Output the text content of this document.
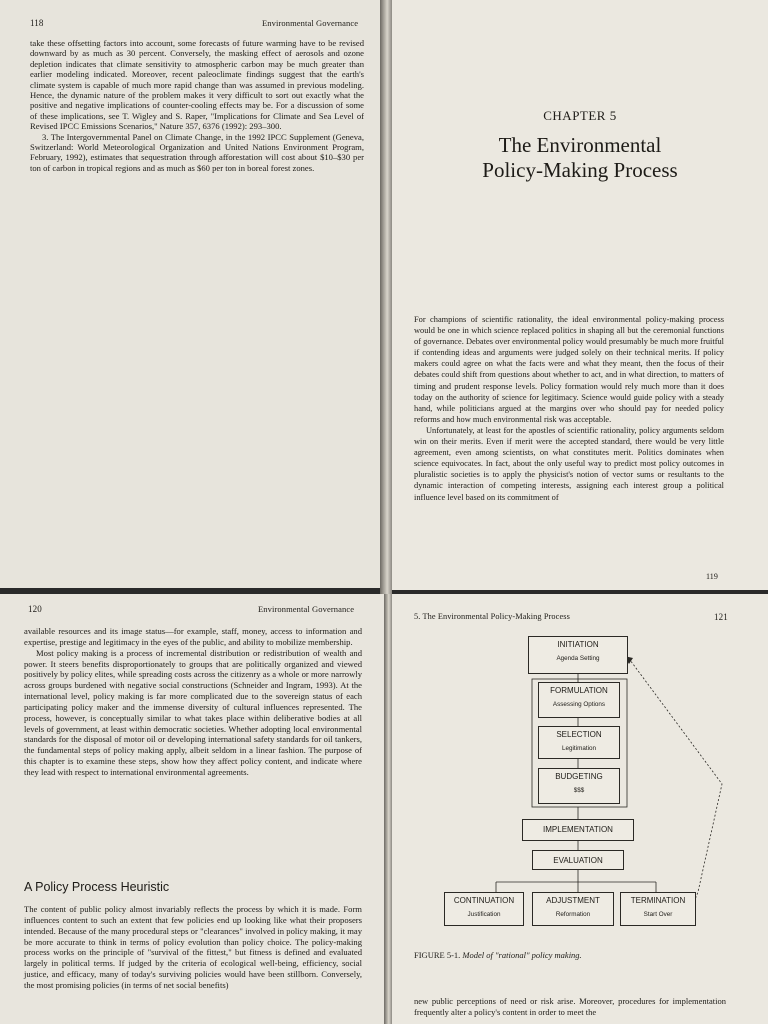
118	Environmental Governance

take these offsetting factors into account, some forecasts of future warming have to be revised downward by as much as 30 percent. Conversely, the masking effect of aerosols and ozone depletion indicates that climate sensitivity to atmospheric carbon may be much greater than earlier modeling indicated. Moreover, recent paleoclimate findings suggest that the earth's climate system is capable of much more rapid change than was assumed in previous modeling. Hence, the dynamic nature of the problem makes it very difficult to sort out exactly what the positive and negative implications of counter-cooling effects may be. For a discussion of some of these implications, see T. Wigley and S. Raper, "Implications for Climate and Sea Level of Revised IPCC Emissions Scenarios," Nature 357, 6376 (1992): 293–300.

3. The Intergovernmental Panel on Climate Change, in the 1992 IPCC Supplement (Geneva, Switzerland: World Meteorological Organization and United Nations Environment Program, February, 1992), estimates that sequestration through afforestation will cost about $10–$30 per ton of carbon in tropical regions and as much as $60 per ton in boreal forest zones.

CHAPTER 5
The Environmental
Policy-Making Process

For champions of scientific rationality, the ideal environmental policy-making process would be one in which science replaced politics in shaping all but the ceremonial functions of governance. Debates over environmental policy would presumably be much more fruitful if contending ideas and arguments were judged solely on their technical merits. If policy makers could agree on what the facts were and what they meant, then the focus of their debates could shift from questions about whether to act, and in what direction, to matters of timing and prudent response levels. Policy formation would rely much more than it does today on the authority of science for legitimacy. Science would guide policy with a steady hand, while politicians argued at the margins over who should pay for needed policy reforms and how much environmental risk was acceptable.

Unfortunately, at least for the apostles of scientific rationality, policy arguments seldom win on their merits. Even if merit were the accepted standard, there would be very little agreement, even among scientists, on what constitutes merit. Politics dominates when science equivocates. In fact, about the only useful way to predict most policy outcomes in pluralistic societies is to apply the physicist's notion of vector sums or resultants to the dynamic interaction of competing interests, assigning each interest group a political influence level based on its commitment of

119
120	Environmental Governance

available resources and its image status—for example, staff, money, access to information and expertise, prestige and legitimacy in the eyes of the public, and ability to mobilize membership.

Most policy making is a process of incremental distribution or redistribution of wealth and power. It steers benefits disproportionately to groups that are politically organized and viewed positively by policy elites, while spreading costs across the citizenry as a whole or more narrowly across groups burdened with negative social constructions (Schneider and Ingram, 1993). At the international level, policy making is far more complicated due to the sovereign status of each participating policy maker and the immense diversity of cultural influences represented. The process, however, is conceptually similar to what takes place within deliberative bodies at all levels of government, at least within democratic societies. Whether adopting local environmental standards for the disposal of motor oil or developing international safety standards for oil tankers, the fundamental steps of policy making apply, albeit seldom in a linear fashion. The purpose of this chapter is to examine these steps, show how they affect policy content, and indicate where they lead with respect to international environmental agreements.

A Policy Process Heuristic

The content of public policy almost invariably reflects the process by which it is made. Form influences content to such an extent that few policies end up looking like what their proposers intended. Because of the many procedural steps or "clearances" involved in policy making, it may be more accurate to think in terms of policy evolution than policy choice. The policy-making process works on the principle of "survival of the fittest," but fitness is defined and evaluated largely in political terms. If judged by the criteria of ecological well-being, efficiency, social justice, and efficacy, many of today's surviving policies would have been stillborn. Conversely, the most promising policies (in terms of net social benefits)

5. The Environmental Policy-Making Process	121
INITIATION
Agenda Setting
FORMULATION
Assessing Options
SELECTION
Legitimation
BUDGETING
$$$
IMPLEMENTATION
EVALUATION
CONTINUATION
Justification
ADJUSTMENT
Reformation
TERMINATION
Start Over
FIGURE 5-1. Model of "rational" policy making.

new public perceptions of need or risk arise. Moreover, procedures for implementation frequently alter a policy's content in order to meet the
